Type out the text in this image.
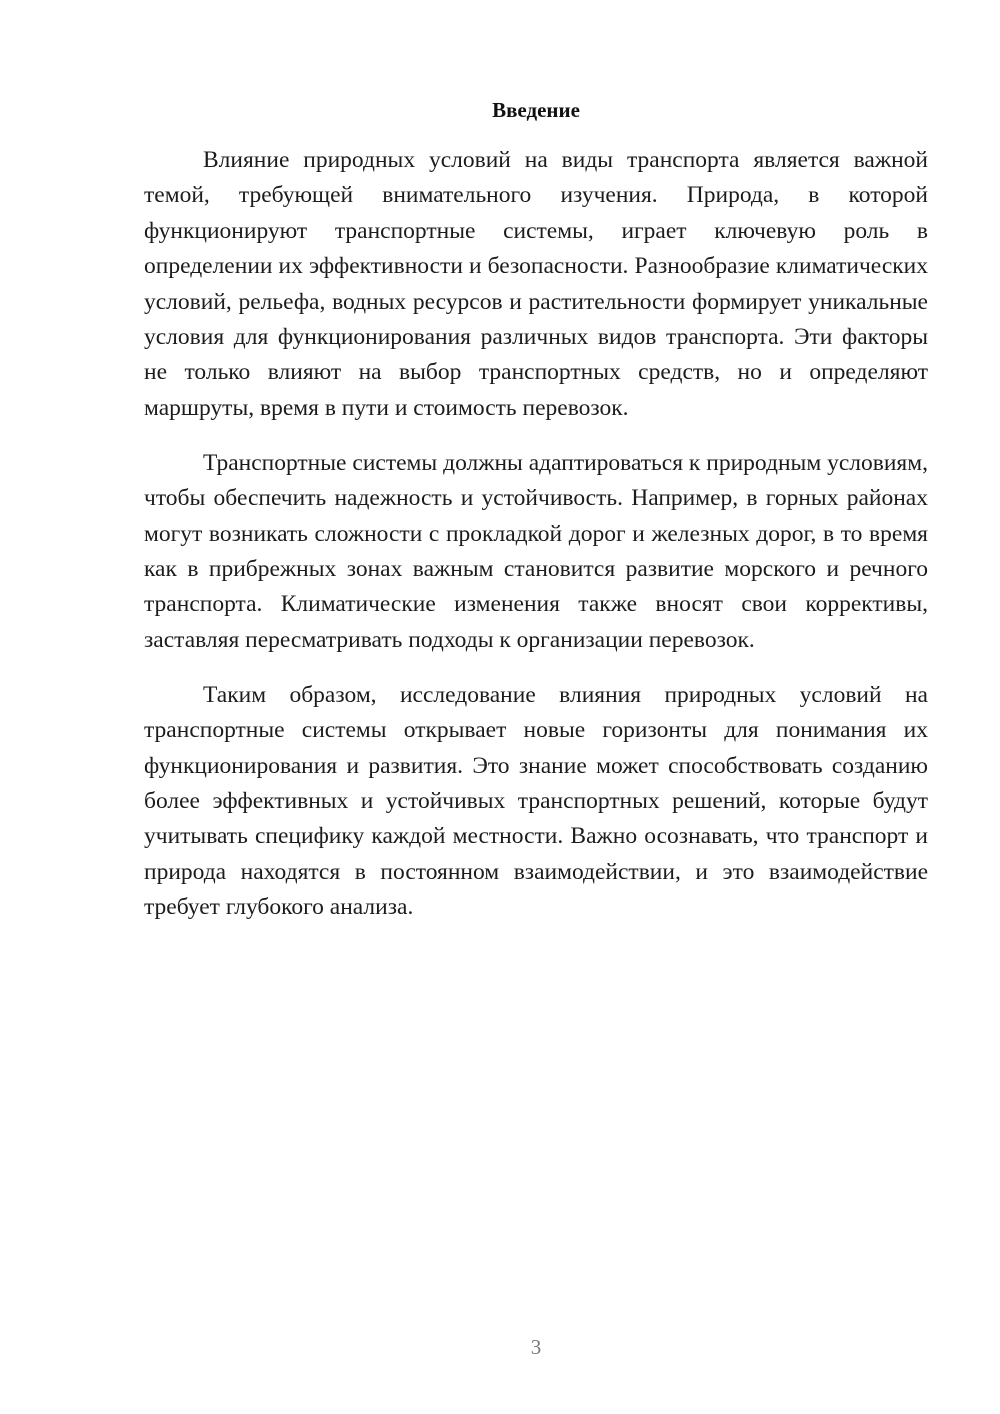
Введение

Влияние природных условий на виды транспорта является важной темой, требующей внимательного изучения. Природа, в которой функционируют транспортные системы, играет ключевую роль в определении их эффективности и безопасности. Разнообразие климатических условий, рельефа, водных ресурсов и растительности формирует уникальные условия для функционирования различных видов транспорта. Эти факторы не только влияют на выбор транспортных средств, но и определяют маршруты, время в пути и стоимость перевозок.

Транспортные системы должны адаптироваться к природным условиям, чтобы обеспечить надежность и устойчивость. Например, в горных районах могут возникать сложности с прокладкой дорог и железных дорог, в то время как в прибрежных зонах важным становится развитие морского и речного транспорта. Климатические изменения также вносят свои коррективы, заставляя пересматривать подходы к организации перевозок.

Таким образом, исследование влияния природных условий на транспортные системы открывает новые горизонты для понимания их функционирования и развития. Это знание может способствовать созданию более эффективных и устойчивых транспортных решений, которые будут учитывать специфику каждой местности. Важно осознавать, что транспорт и природа находятся в постоянном взаимодействии, и это взаимодействие требует глубокого анализа.

3
